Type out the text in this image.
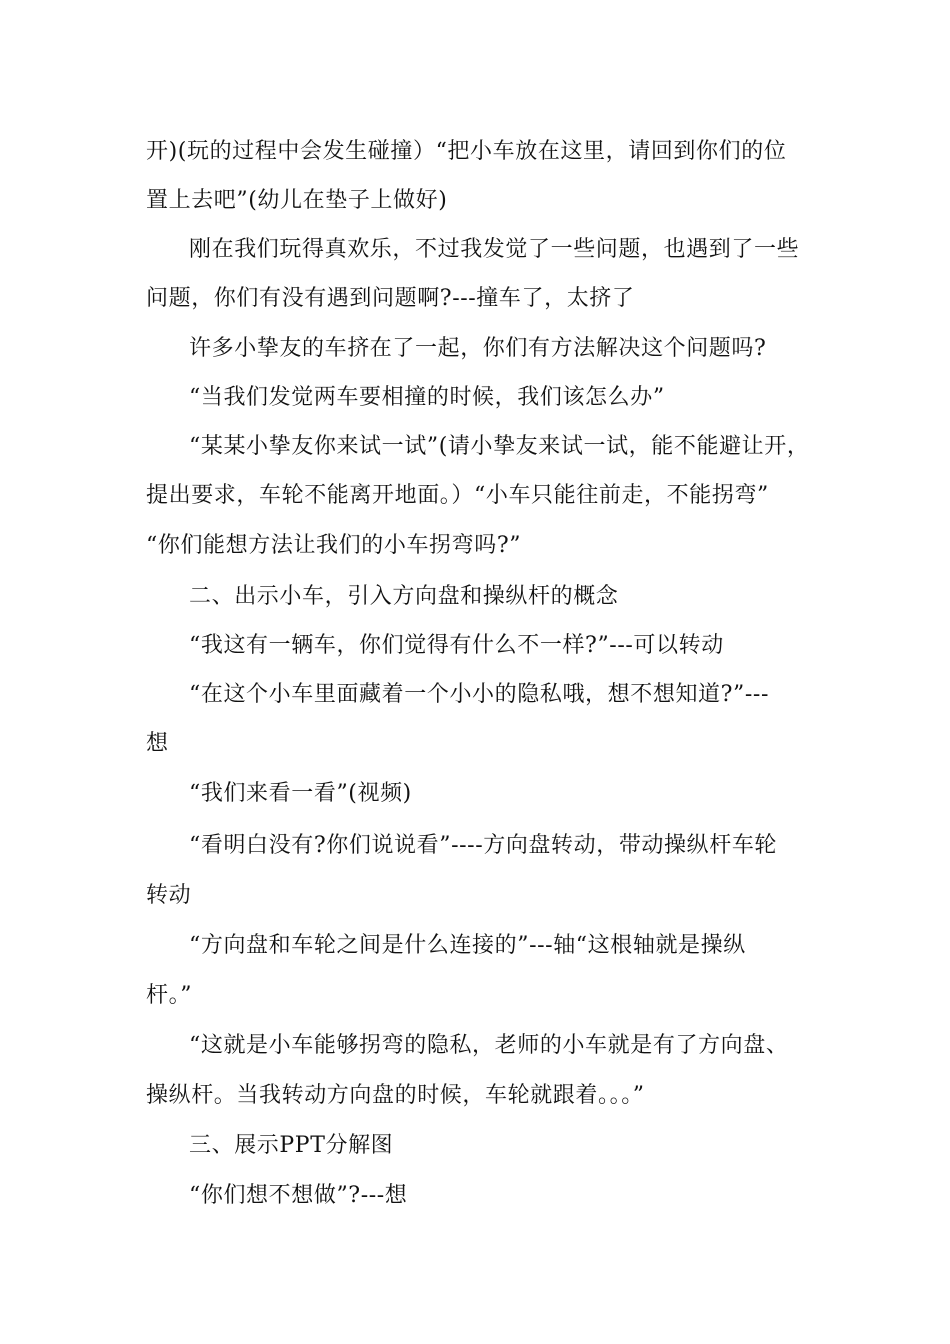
开)(玩的过程中会发生碰撞）“把小车放在这里，请回到你们的位
置上去吧”(幼儿在垫子上做好)
刚在我们玩得真欢乐，不过我发觉了一些问题，也遇到了一些
问题，你们有没有遇到问题啊?---撞车了，太挤了
许多小挚友的车挤在了一起，你们有方法解决这个问题吗?
“当我们发觉两车要相撞的时候，我们该怎么办”
“某某小挚友你来试一试”(请小挚友来试一试，能不能避让开，
提出要求，车轮不能离开地面。）“小车只能往前走，不能拐弯”
“你们能想方法让我们的小车拐弯吗?”
二、出示小车，引入方向盘和操纵杆的概念
“我这有一辆车，你们觉得有什么不一样?”---可以转动
“在这个小车里面藏着一个小小的隐私哦，想不想知道?”---
想
“我们来看一看”(视频)
“看明白没有?你们说说看”----方向盘转动，带动操纵杆车轮
转动
“方向盘和车轮之间是什么连接的”---轴“这根轴就是操纵
杆。”
“这就是小车能够拐弯的隐私，老师的小车就是有了方向盘、
操纵杆。当我转动方向盘的时候，车轮就跟着。。。”
三、展示PPT分解图
“你们想不想做”?---想
